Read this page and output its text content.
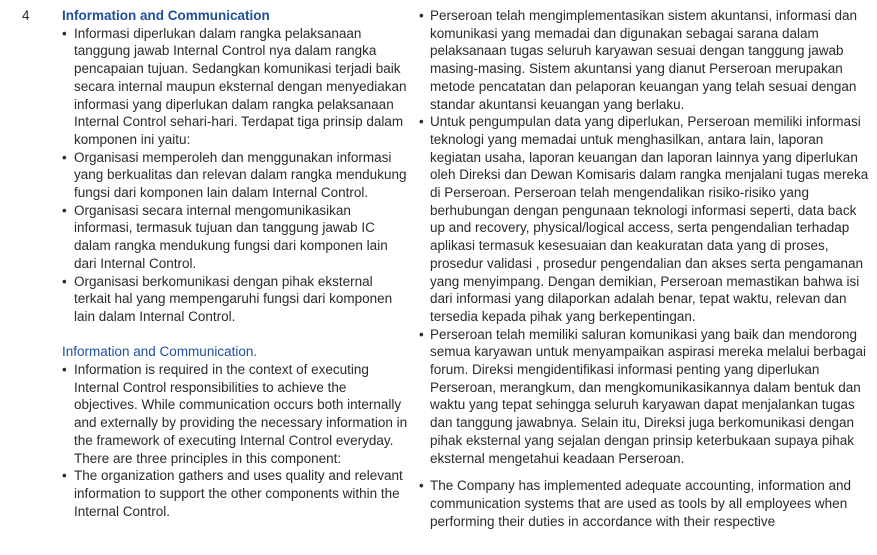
4 Information and Communication

• Informasi diperlukan dalam rangka pelaksanaan tanggung jawab Internal Control nya dalam rangka pencapaian tujuan. Sedangkan komunikasi terjadi baik secara internal maupun eksternal dengan menyediakan informasi yang diperlukan dalam rangka pelaksanaan Internal Control sehari-hari. Terdapat tiga prinsip dalam komponen ini yaitu:
• Organisasi memperoleh dan menggunakan informasi yang berkualitas dan relevan dalam rangka mendukung fungsi dari komponen lain dalam Internal Control.
• Organisasi secara internal mengomunikasikan informasi, termasuk tujuan dan tanggung jawab IC dalam rangka mendukung fungsi dari komponen lain dari Internal Control.
• Organisasi berkomunikasi dengan pihak eksternal terkait hal yang mempengaruhi fungsi dari komponen lain dalam Internal Control.

Information and Communication.

• Information is required in the context of executing Internal Control responsibilities to achieve the objectives. While communication occurs both internally and externally by providing the necessary information in the framework of executing Internal Control everyday. There are three principles in this component:
• The organization gathers and uses quality and relevant information to support the other components within the Internal Control.
• Perseroan telah mengimplementasikan sistem akuntansi, informasi dan komunikasi yang memadai dan digunakan sebagai sarana dalam pelaksanaan tugas seluruh karyawan sesuai dengan tanggung jawab masing-masing. Sistem akuntansi yang dianut Perseroan merupakan metode pencatatan dan pelaporan keuangan yang telah sesuai dengan standar akuntansi keuangan yang berlaku.
• Untuk pengumpulan data yang diperlukan, Perseroan memiliki informasi teknologi yang memadai untuk menghasilkan, antara lain, laporan kegiatan usaha, laporan keuangan dan laporan lainnya yang diperlukan oleh Direksi dan Dewan Komisaris dalam rangka menjalani tugas mereka di Perseroan. Perseroan telah mengendalikan risiko-risiko yang berhubungan dengan pengunaan teknologi informasi seperti, data back up and recovery, physical/logical access, serta pengendalian terhadap aplikasi termasuk kesesuaian dan keakuratan data yang di proses, prosedur validasi , prosedur pengendalian dan akses serta pengamanan yang menyimpang. Dengan demikian, Perseroan memastikan bahwa isi dari informasi yang dilaporkan adalah benar, tepat waktu, relevan dan tersedia kepada pihak yang berkepentingan.
• Perseroan telah memiliki saluran komunikasi yang baik dan mendorong semua karyawan untuk menyampaikan aspirasi mereka melalui berbagai forum. Direksi mengidentifikasi informasi penting yang diperlukan Perseroan, merangkum, dan mengkomunikasikannya dalam bentuk dan waktu yang tepat sehingga seluruh karyawan dapat menjalankan tugas dan tanggung jawabnya. Selain itu, Direksi juga berkomunikasi dengan pihak eksternal yang sejalan dengan prinsip keterbukaan supaya pihak eksternal mengetahui keadaan Perseroan.
• The Company has implemented adequate accounting, information and communication systems that are used as tools by all employees when performing their duties in accordance with their respective
